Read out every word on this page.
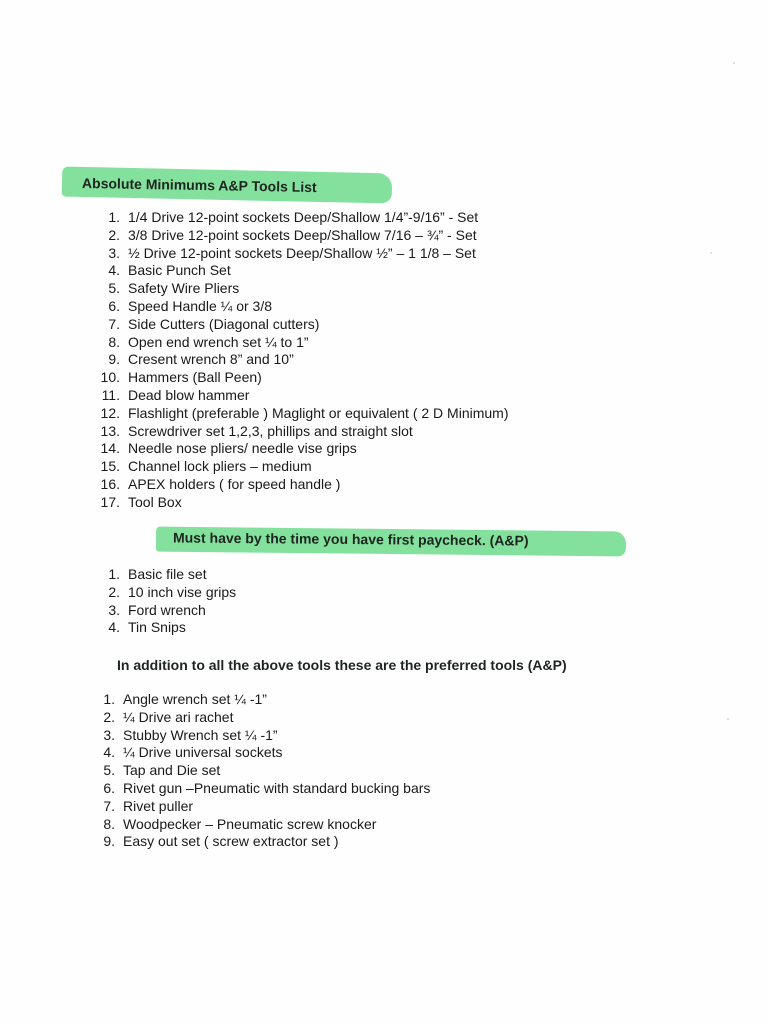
Absolute Minimums A&P Tools List
1. 1/4 Drive 12-point sockets Deep/Shallow 1/4”-9/16” - Set
2. 3/8 Drive 12-point sockets Deep/Shallow 7/16 – ¾” - Set
3. ½ Drive 12-point sockets Deep/Shallow ½” – 1 1/8 – Set
4. Basic Punch Set
5. Safety Wire Pliers
6. Speed Handle ¼ or 3/8
7. Side Cutters (Diagonal cutters)
8. Open end wrench set ¼ to 1”
9. Cresent wrench 8” and 10”
10. Hammers (Ball Peen)
11. Dead blow hammer
12. Flashlight (preferable ) Maglight or equivalent ( 2 D Minimum)
13. Screwdriver set 1,2,3, phillips and straight slot
14. Needle nose pliers/ needle vise grips
15. Channel lock pliers – medium
16. APEX holders ( for speed handle )
17. Tool Box
Must have by the time you have first paycheck. (A&P)
1. Basic file set
2. 10 inch vise grips
3. Ford wrench
4. Tin Snips
In addition to all the above tools these are the preferred tools (A&P)
1. Angle wrench set ¼ -1”
2. ¼ Drive ari rachet
3. Stubby Wrench set ¼ -1”
4. ¼ Drive universal sockets
5. Tap and Die set
6. Rivet gun –Pneumatic with standard bucking bars
7. Rivet puller
8. Woodpecker – Pneumatic screw knocker
9. Easy out set ( screw extractor set )
